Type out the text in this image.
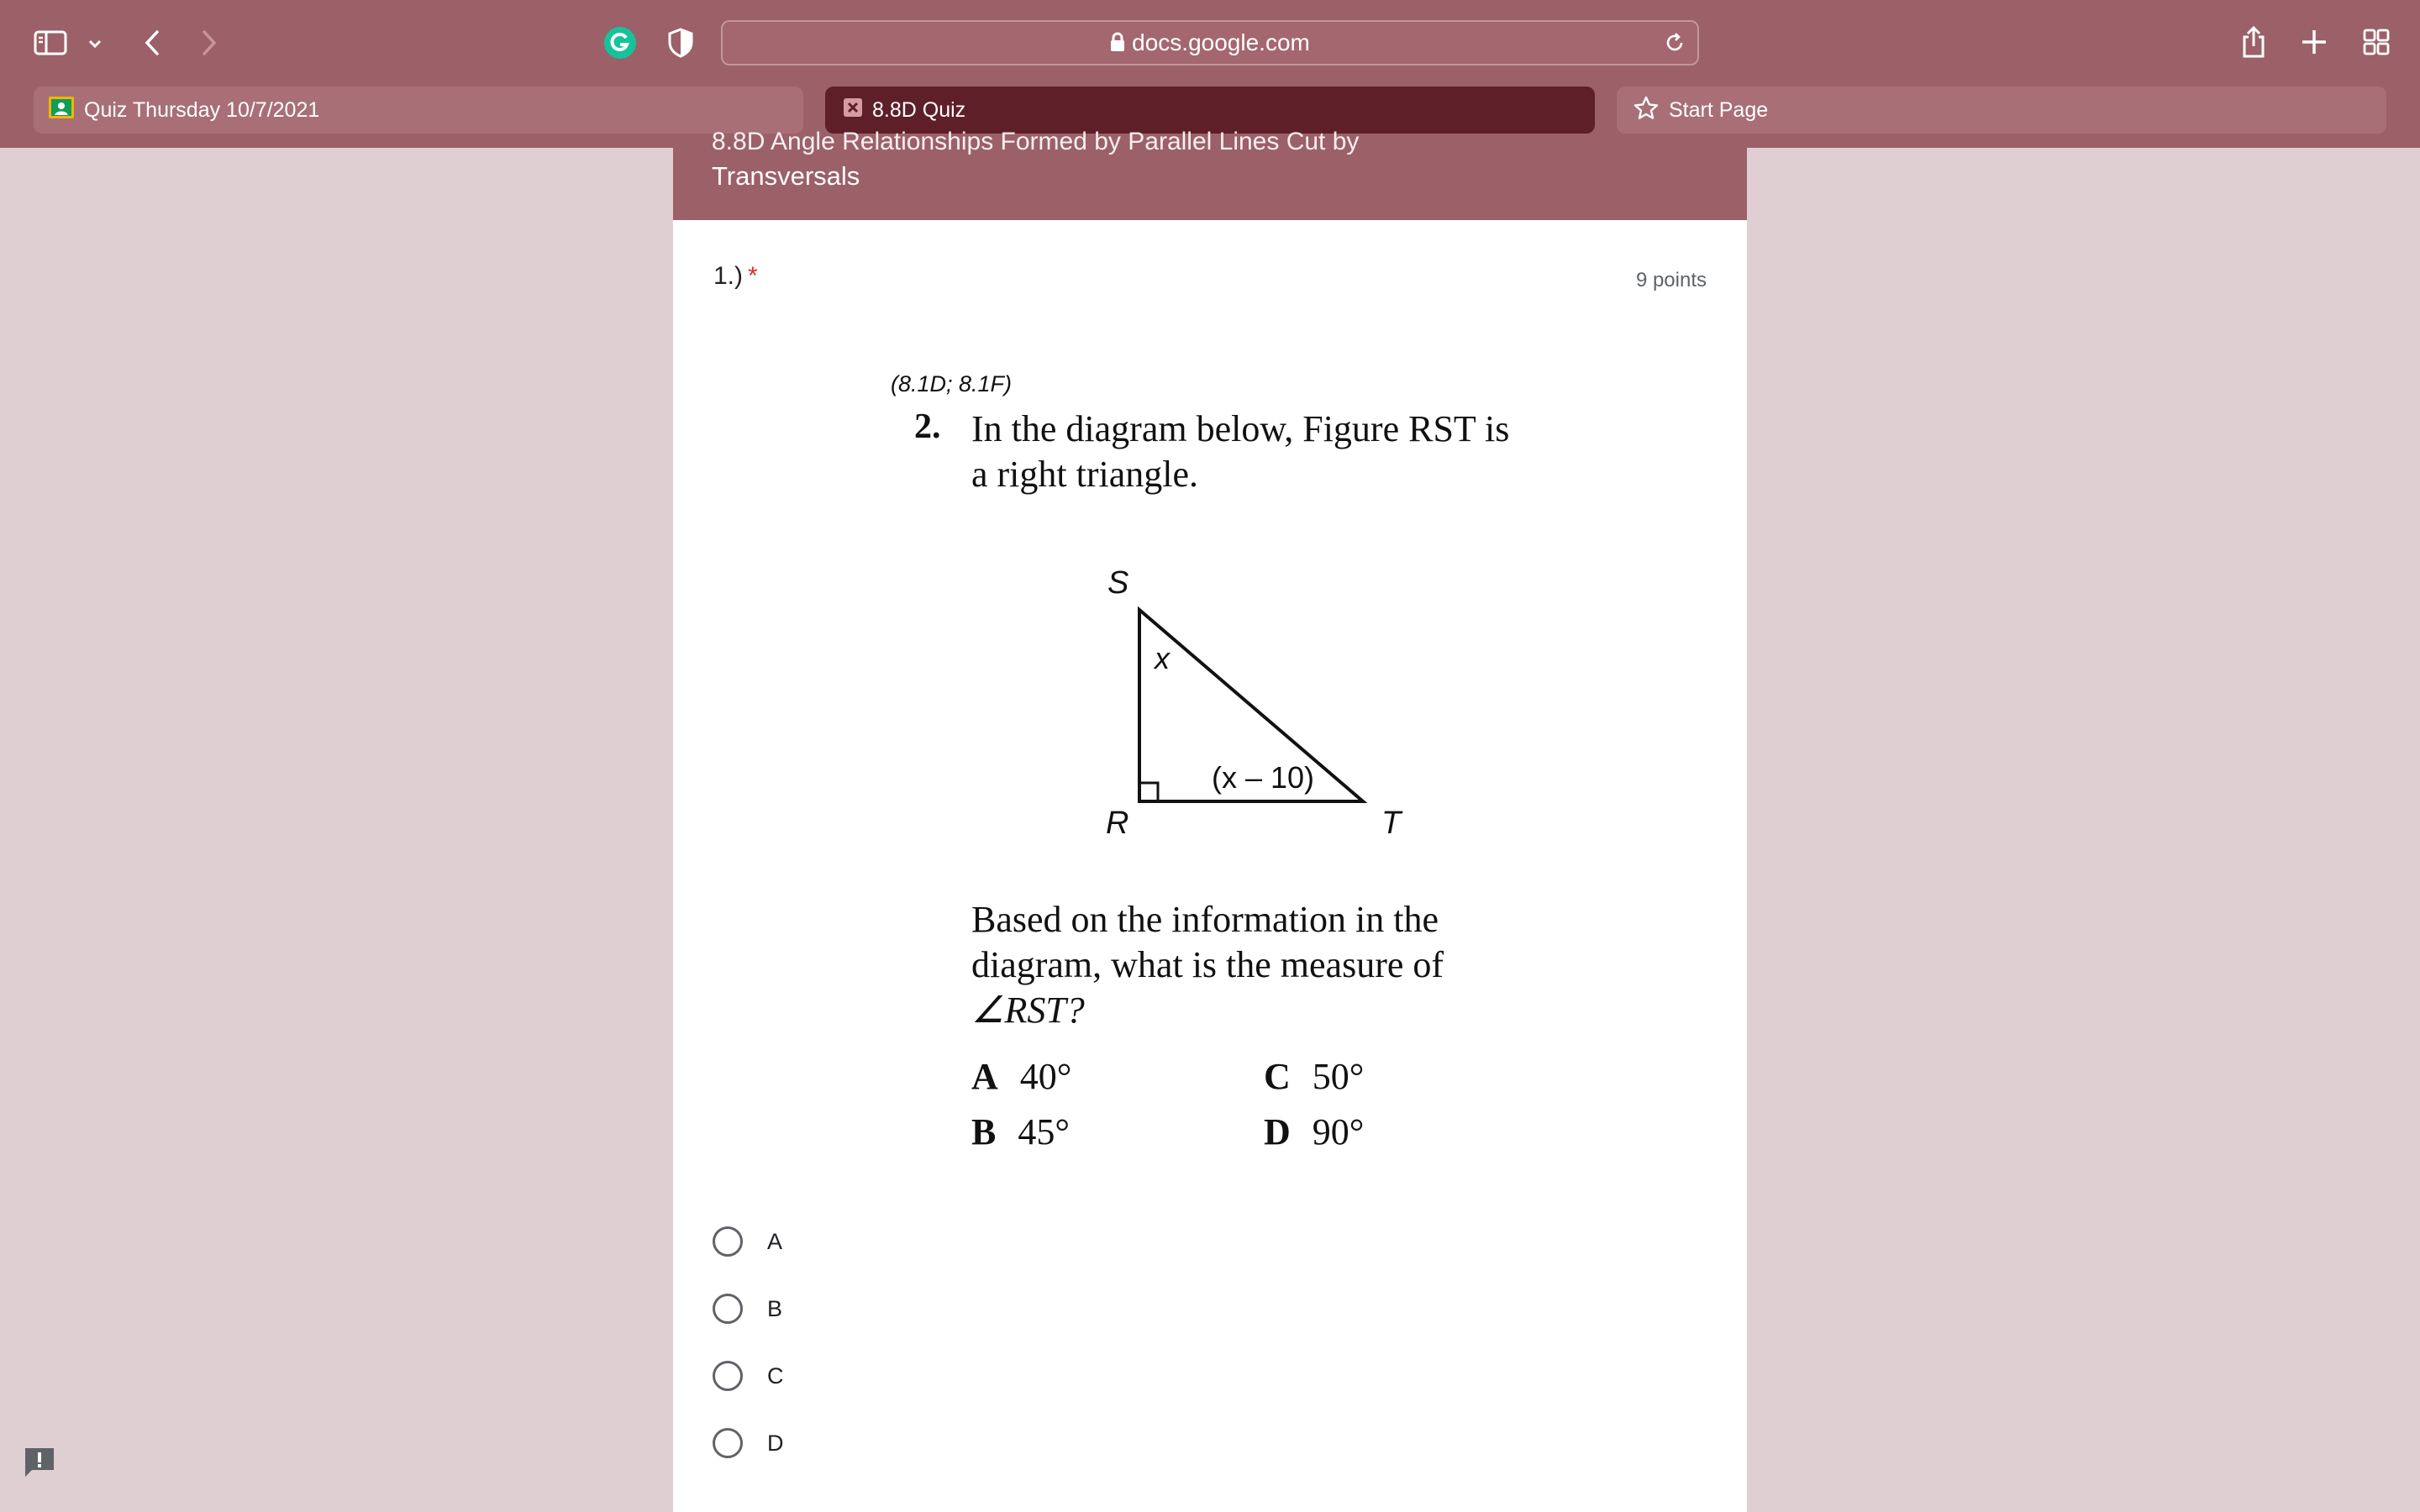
docs.google.com
Quiz Thursday 10/7/2021	8.8D Quiz	Start Page
8.8D Angle Relationships Formed by Parallel Lines Cut by
Transversals
1.) *	9 points
(8.1D; 8.1F)
2. In the diagram below, Figure RST is
a right triangle.
S
R	T
x
(x – 10)
Based on the information in the
diagram, what is the measure of
∠RST?
A 40°
B 45°
C 50°
D 90°
A
B
C
D
